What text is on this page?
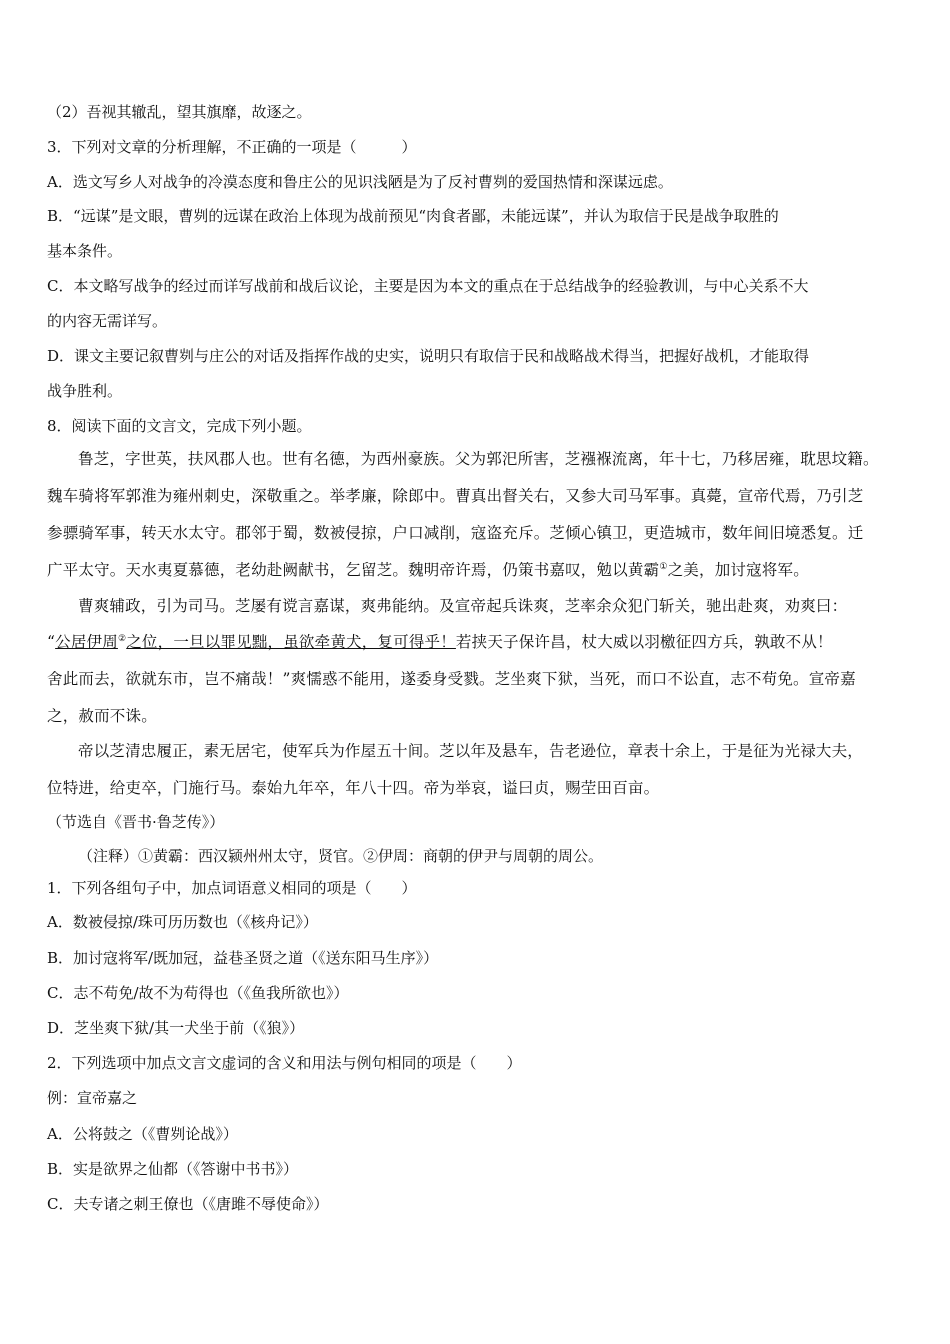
（2）吾视其辙乱，望其旗靡，故逐之。
3．下列对文章的分析理解，不正确的一项是（　　　）
A．选文写乡人对战争的冷漠态度和鲁庄公的见识浅陋是为了反衬曹刿的爱国热情和深谋远虑。
B．“远谋”是文眼，曹刿的远谋在政治上体现为战前预见“肉食者鄙，未能远谋”，并认为取信于民是战争取胜的
基本条件。
C．本文略写战争的经过而详写战前和战后议论，主要是因为本文的重点在于总结战争的经验教训，与中心关系不大
的内容无需详写。
D．课文主要记叙曹刿与庄公的对话及指挥作战的史实，说明只有取信于民和战略战术得当，把握好战机，才能取得
战争胜利。
8．阅读下面的文言文，完成下列小题。
鲁芝，字世英，扶风郡人也。世有名德，为西州豪族。父为郭汜所害，芝襁褓流离，年十七，乃移居雍，耽思坟籍。
魏车骑将军郭淮为雍州刺史，深敬重之。举孝廉，除郎中。曹真出督关右，又参大司马军事。真薨，宣帝代焉，乃引芝
参骠骑军事，转天水太守。郡邻于蜀，数被侵掠，户口减削，寇盗充斥。芝倾心镇卫，更造城市，数年间旧境悉复。迁
广平太守。天水夷夏慕德，老幼赴阙献书，乞留芝。魏明帝许焉，仍策书嘉叹，勉以黄霸①之美，加讨寇将军。
曹爽辅政，引为司马。芝屡有谠言嘉谋，爽弗能纳。及宣帝起兵诛爽，芝率余众犯门斩关，驰出赴爽，劝爽曰：
“公居伊周②之位，一旦以罪见黜，虽欲牵黄犬，复可得乎！若挟天子保许昌，杖大威以羽檄征四方兵，孰敢不从！
舍此而去，欲就东市，岂不痛哉！”爽懦惑不能用，遂委身受戮。芝坐爽下狱，当死，而口不讼直，志不苟免。宣帝嘉
之，赦而不诛。
帝以芝清忠履正，素无居宅，使军兵为作屋五十间。芝以年及悬车，告老逊位，章表十余上，于是征为光禄大夫，
位特进，给吏卒，门施行马。泰始九年卒，年八十四。帝为举哀，谥曰贞，赐茔田百亩。
（节选自《晋书·鲁芝传》）
（注释）①黄霸：西汉颍州州太守，贤官。②伊周：商朝的伊尹与周朝的周公。
1．下列各组句子中，加点词语意义相同的项是（　　）
A．数被侵掠/珠可历历数也（《核舟记》）
B．加讨寇将军/既加冠，益巷圣贤之道（《送东阳马生序》）
C．志不苟免/故不为苟得也（《鱼我所欲也》）
D．芝坐爽下狱/其一犬坐于前（《狼》）
2．下列选项中加点文言文虚词的含义和用法与例句相同的项是（　　）
例：宣帝嘉之
A．公将鼓之（《曹刿论战》）
B．实是欲界之仙都（《答谢中书书》）
C．夫专诸之刺王僚也（《唐雎不辱使命》）
